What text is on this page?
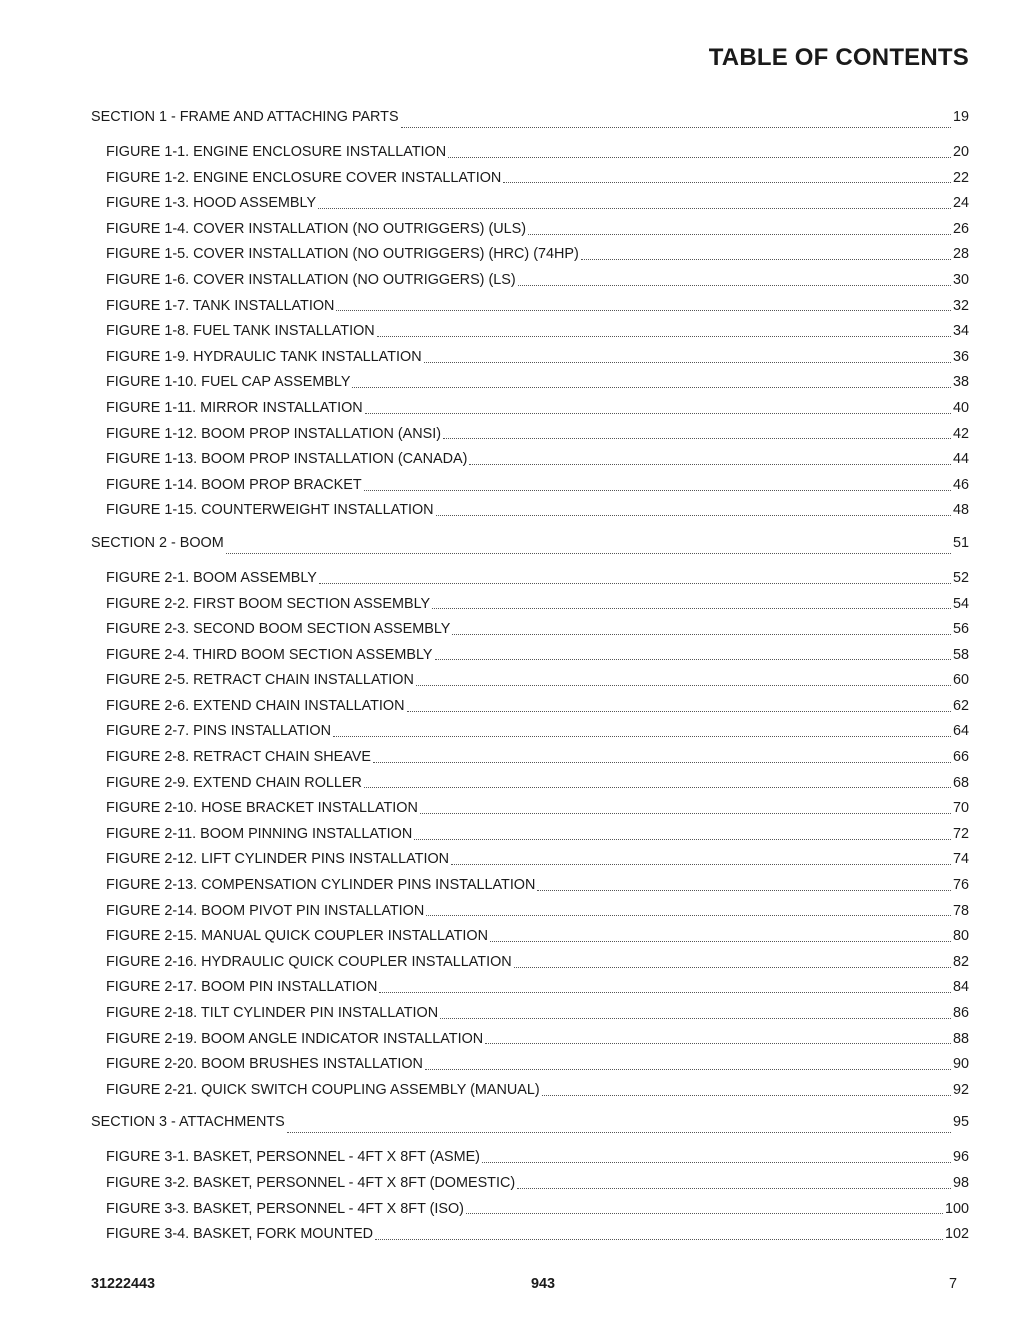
TABLE OF CONTENTS
SECTION 1 - FRAME AND ATTACHING PARTS	19
FIGURE 1-1. ENGINE ENCLOSURE INSTALLATION	20
FIGURE 1-2. ENGINE ENCLOSURE COVER INSTALLATION	22
FIGURE 1-3. HOOD ASSEMBLY	24
FIGURE 1-4. COVER INSTALLATION (NO OUTRIGGERS) (ULS)	26
FIGURE 1-5. COVER INSTALLATION (NO OUTRIGGERS) (HRC) (74HP)	28
FIGURE 1-6. COVER INSTALLATION (NO OUTRIGGERS) (LS)	30
FIGURE 1-7. TANK INSTALLATION	32
FIGURE 1-8. FUEL TANK INSTALLATION	34
FIGURE 1-9. HYDRAULIC TANK INSTALLATION	36
FIGURE 1-10. FUEL CAP ASSEMBLY	38
FIGURE 1-11. MIRROR INSTALLATION	40
FIGURE 1-12. BOOM PROP INSTALLATION (ANSI)	42
FIGURE 1-13. BOOM PROP INSTALLATION (CANADA)	44
FIGURE 1-14. BOOM PROP BRACKET	46
FIGURE 1-15. COUNTERWEIGHT INSTALLATION	48
SECTION 2 - BOOM	51
FIGURE 2-1. BOOM ASSEMBLY	52
FIGURE 2-2. FIRST BOOM SECTION ASSEMBLY	54
FIGURE 2-3. SECOND BOOM SECTION ASSEMBLY	56
FIGURE 2-4. THIRD BOOM SECTION ASSEMBLY	58
FIGURE 2-5. RETRACT CHAIN INSTALLATION	60
FIGURE 2-6. EXTEND CHAIN INSTALLATION	62
FIGURE 2-7. PINS INSTALLATION	64
FIGURE 2-8. RETRACT CHAIN SHEAVE	66
FIGURE 2-9. EXTEND CHAIN ROLLER	68
FIGURE 2-10. HOSE BRACKET INSTALLATION	70
FIGURE 2-11. BOOM PINNING INSTALLATION	72
FIGURE 2-12. LIFT CYLINDER PINS INSTALLATION	74
FIGURE 2-13. COMPENSATION CYLINDER PINS INSTALLATION	76
FIGURE 2-14. BOOM PIVOT PIN INSTALLATION	78
FIGURE 2-15. MANUAL QUICK COUPLER INSTALLATION	80
FIGURE 2-16. HYDRAULIC QUICK COUPLER INSTALLATION	82
FIGURE 2-17. BOOM PIN INSTALLATION	84
FIGURE 2-18. TILT CYLINDER PIN INSTALLATION	86
FIGURE 2-19. BOOM ANGLE INDICATOR INSTALLATION	88
FIGURE 2-20. BOOM BRUSHES INSTALLATION	90
FIGURE 2-21. QUICK SWITCH COUPLING ASSEMBLY (MANUAL)	92
SECTION 3 - ATTACHMENTS	95
FIGURE 3-1. BASKET, PERSONNEL - 4FT X 8FT (ASME)	96
FIGURE 3-2. BASKET, PERSONNEL - 4FT X 8FT (DOMESTIC)	98
FIGURE 3-3. BASKET, PERSONNEL - 4FT X 8FT (ISO)	100
FIGURE 3-4. BASKET, FORK MOUNTED	102
31222443	943	7
